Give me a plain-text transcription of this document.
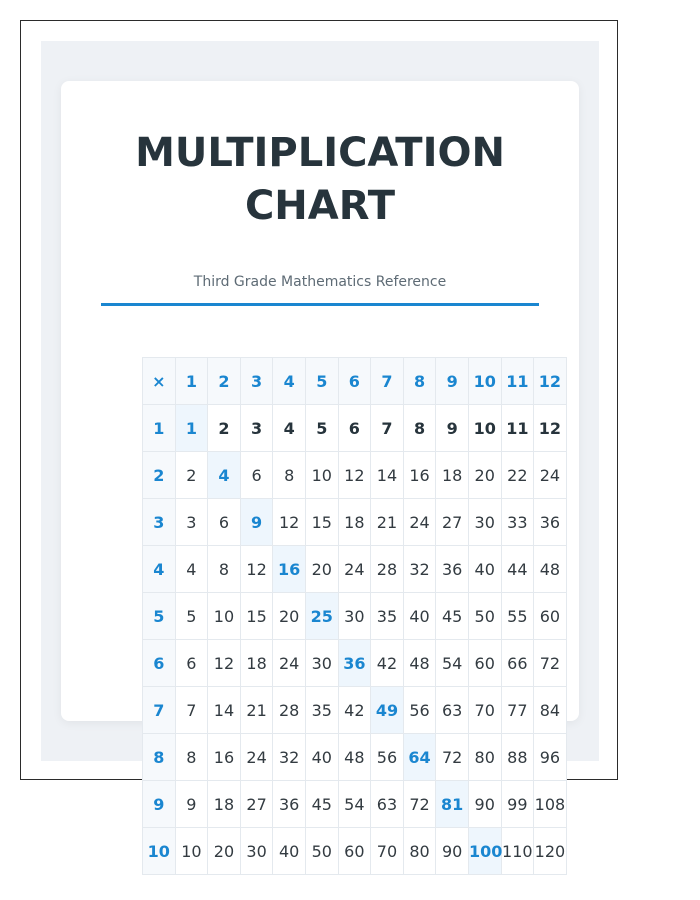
MULTIPLICATION CHART
Third Grade Mathematics Reference
×	1	2	3	4	5	6	7	8	9	10	11	12
1	1	2	3	4	5	6	7	8	9	10	11	12
2	2	4	6	8	10	12	14	16	18	20	22	24
3	3	6	9	12	15	18	21	24	27	30	33	36
4	4	8	12	16	20	24	28	32	36	40	44	48
5	5	10	15	20	25	30	35	40	45	50	55	60
6	6	12	18	24	30	36	42	48	54	60	66	72
7	7	14	21	28	35	42	49	56	63	70	77	84
8	8	16	24	32	40	48	56	64	72	80	88	96
9	9	18	27	36	45	54	63	72	81	90	99	108
10	10	20	30	40	50	60	70	80	90	100	110	120
